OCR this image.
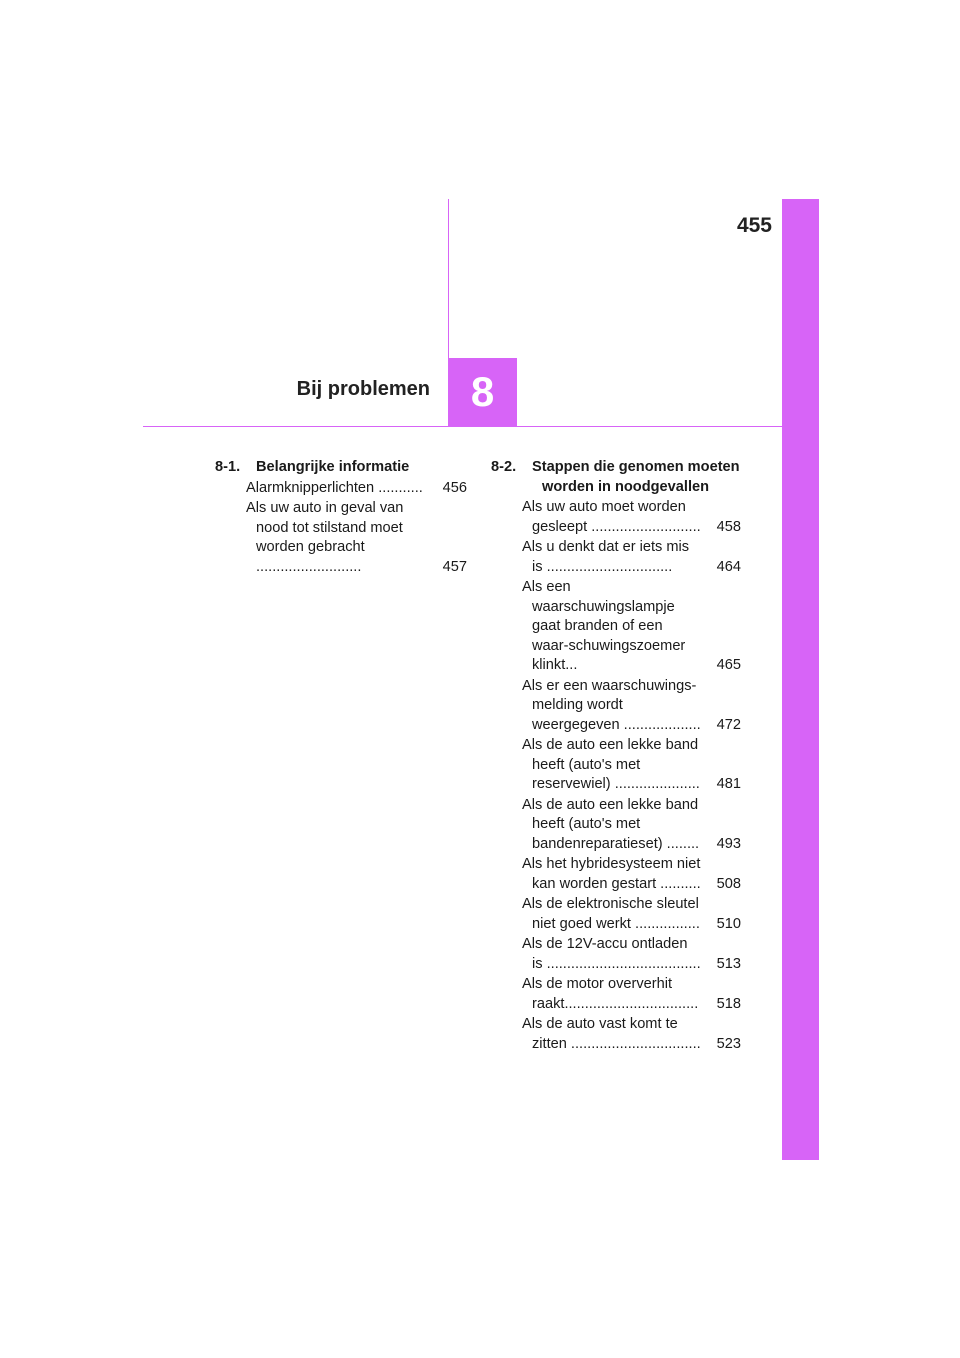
455
8
Bij problemen
8-1.	Belangrijke informatie
Alarmknipperlichten ........... 456
Als uw auto in geval van nood tot stilstand moet worden gebracht ..........................	457
8-2.	Stappen die genomen moeten worden in noodgevallen
Als uw auto moet worden gesleept ........................... 458
Als u denkt dat er iets mis is ...............................	464
Als een waarschuwingslampje gaat branden of een waar-schuwingszoemer klinkt...	465
Als er een waarschuwings-melding wordt weergegeven ................... 472
Als de auto een lekke band heeft (auto's met reservewiel) ..................... 481
Als de auto een lekke band heeft (auto's met bandenreparatieset) ........ 493
Als het hybridesysteem niet kan worden gestart .......... 508
Als de elektronische sleutel niet goed werkt ................ 510
Als de 12V-accu ontladen is ...................................... 513
Als de motor oververhit raakt................................. 518
Als de auto vast komt te zitten ................................ 523
